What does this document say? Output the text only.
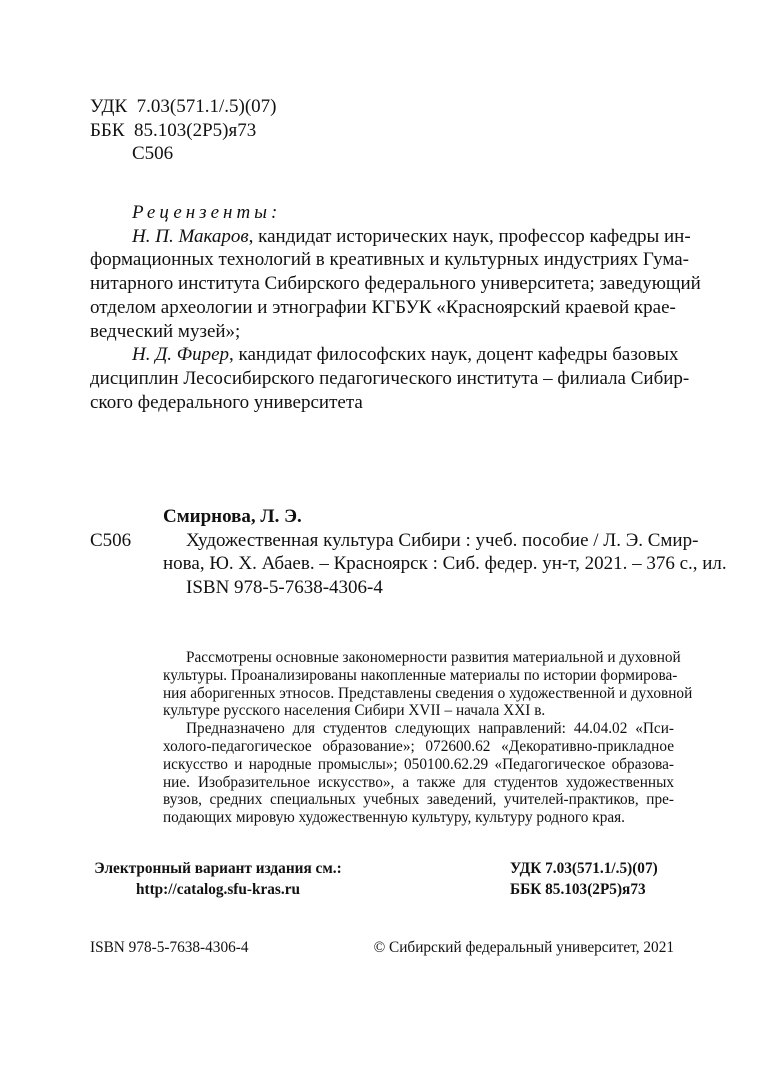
УДК 7.03(571.1/.5)(07)
ББК 85.103(2Р5)я73
С506
Рецензенты:
Н. П. Макаров, кандидат исторических наук, профессор кафедры ин-
формационных технологий в креативных и культурных индустриях Гума-
нитарного института Сибирского федерального университета; заведующий
отделом археологии и этнографии КГБУК «Красноярский краевой крае-
ведческий музей»;
Н. Д. Фирер, кандидат философских наук, доцент кафедры базовых
дисциплин Лесосибирского педагогического института – филиала Сибир-
ского федерального университета
С506
Смирнова, Л. Э.
Художественная культура Сибири : учеб. пособие / Л. Э. Смир-
нова, Ю. Х. Абаев. – Красноярск : Сиб. федер. ун-т, 2021. – 376 с., ил.
ISBN 978-5-7638-4306-4
Рассмотрены основные закономерности развития материальной и духовной
культуры. Проанализированы накопленные материалы по истории формирова-
ния аборигенных этносов. Представлены сведения о художественной и духовной
культуре русского населения Сибири XVII – начала XXI в.
Предназначено для студентов следующих направлений: 44.04.02 «Пси-
холого-педагогическое образование»; 072600.62 «Декоративно-прикладное
искусство и народные промыслы»; 050100.62.29 «Педагогическое образова-
ние. Изобразительное искусство», а также для студентов художественных
вузов, средних специальных учебных заведений, учителей-практиков, пре-
подающих мировую художественную культуру, культуру родного края.
Электронный вариант издания см.:
http://catalog.sfu-kras.ru
УДК 7.03(571.1/.5)(07)
ББК 85.103(2Р5)я73
ISBN 978-5-7638-4306-4	© Сибирский федеральный университет, 2021
